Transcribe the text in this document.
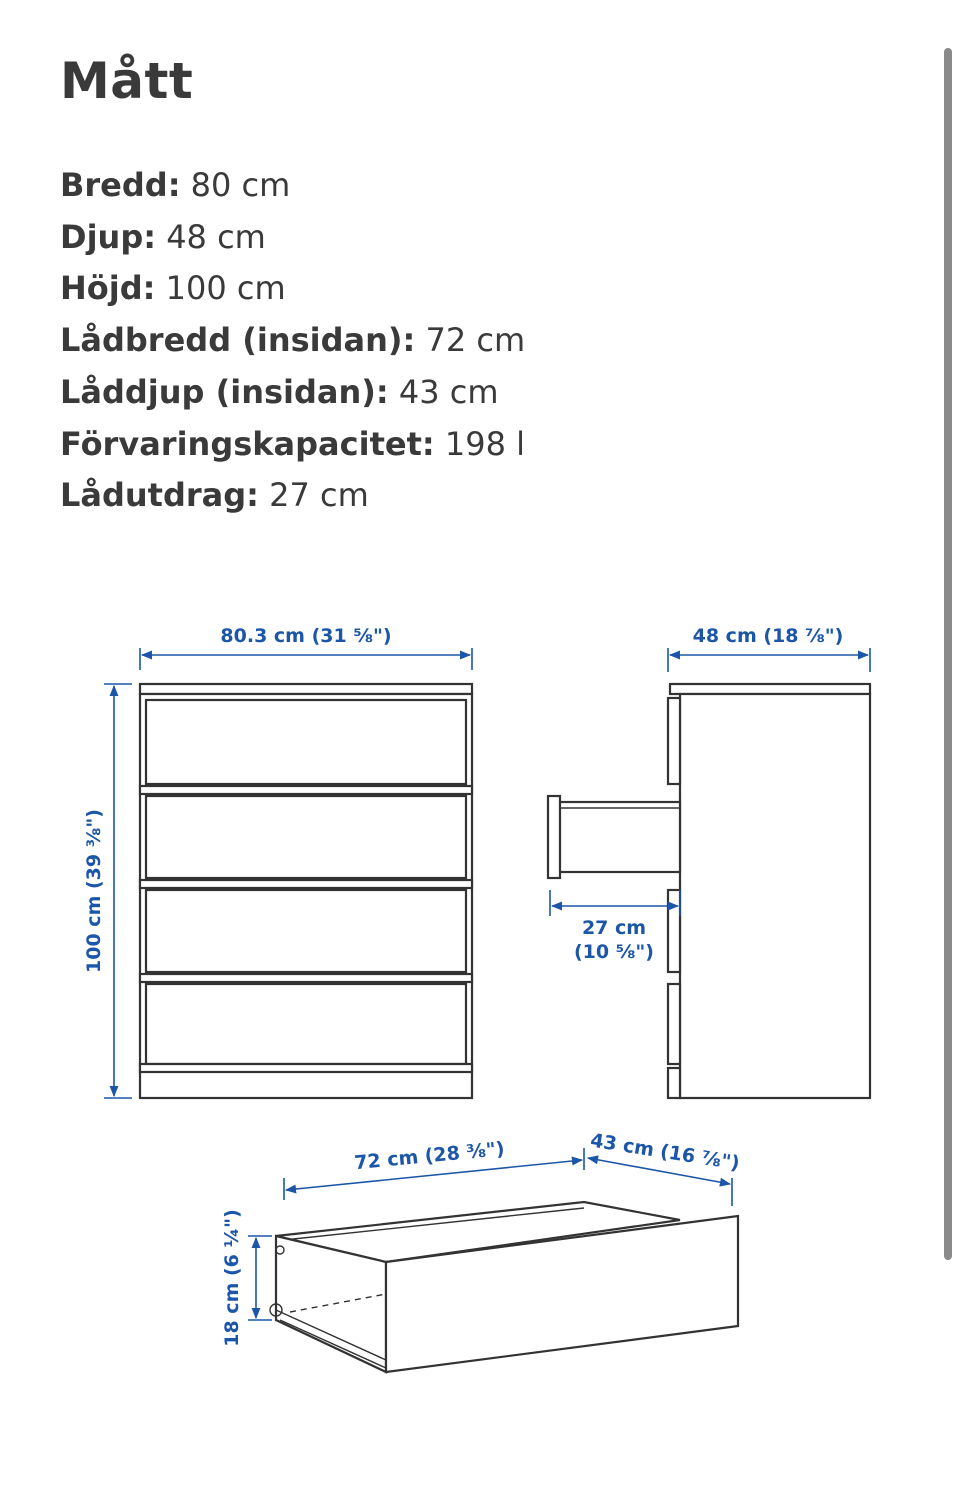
Mått
Bredd: 80 cm
Djup: 48 cm
Höjd: 100 cm
Lådbredd (insidan): 72 cm
Låddjup (insidan): 43 cm
Förvaringskapacitet: 198 l
Lådutdrag: 27 cm
80.3 cm (31 ⅝")
100 cm (39 ⅜")
48 cm (18 ⅞")
27 cm
(10 ⅝")
72 cm (28 ⅜")	43 cm (16 ⅞")
18 cm (6 ¼")
